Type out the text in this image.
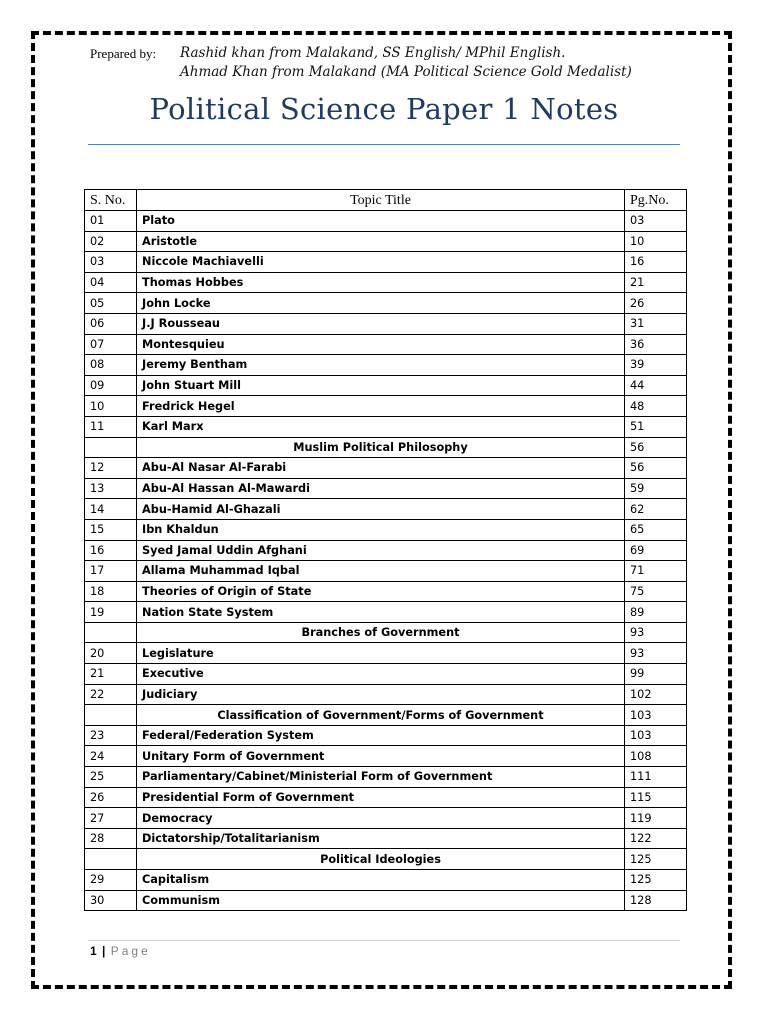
Prepared by: Rashid khan from Malakand, SS English/ MPhil English.
Ahmad Khan from Malakand (MA Political Science Gold Medalist)
Political Science Paper 1 Notes
S. No.	Topic Title	Pg.No.
01	Plato	03
02	Aristotle	10
03	Niccole Machiavelli	16
04	Thomas Hobbes	21
05	John Locke	26
06	J.J Rousseau	31
07	Montesquieu	36
08	Jeremy Bentham	39
09	John Stuart Mill	44
10	Fredrick Hegel	48
11	Karl Marx	51
	Muslim Political Philosophy	56
12	Abu-Al Nasar Al-Farabi	56
13	Abu-Al Hassan Al-Mawardi	59
14	Abu-Hamid Al-Ghazali	62
15	Ibn Khaldun	65
16	Syed Jamal Uddin Afghani	69
17	Allama Muhammad Iqbal	71
18	Theories of Origin of State	75
19	Nation State System	89
	Branches of Government	93
20	Legislature	93
21	Executive	99
22	Judiciary	102
	Classification of Government/Forms of Government	103
23	Federal/Federation System	103
24	Unitary Form of Government	108
25	Parliamentary/Cabinet/Ministerial Form of Government	111
26	Presidential Form of Government	115
27	Democracy	119
28	Dictatorship/Totalitarianism	122
	Political Ideologies	125
29	Capitalism	125
30	Communism	128
1 | Page
